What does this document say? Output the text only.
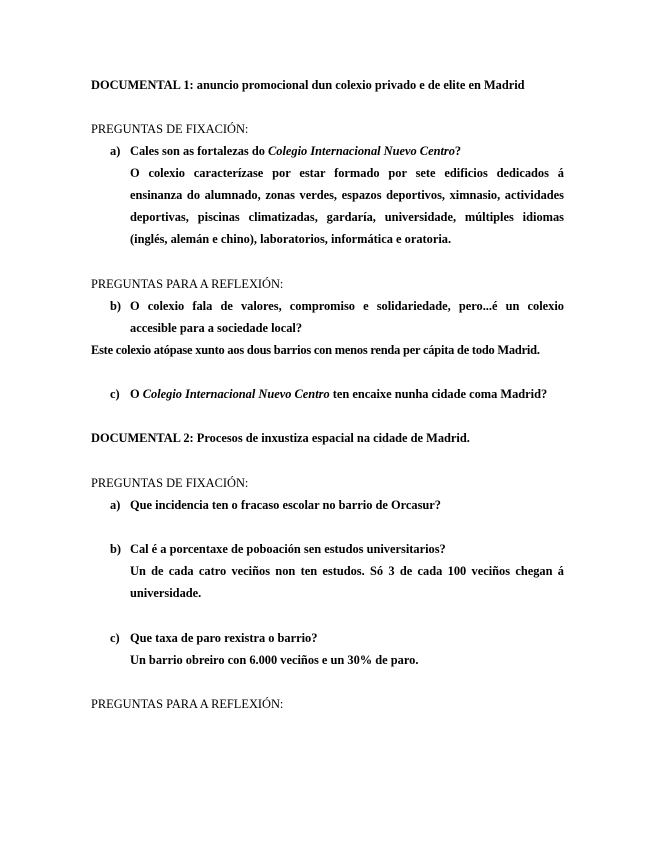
DOCUMENTAL 1: anuncio promocional dun colexio privado e de elite en Madrid
PREGUNTAS DE FIXACIÓN:
a) Cales son as fortalezas do Colegio Internacional Nuevo Centro?
O colexio caracterízase por estar formado por sete edificios dedicados á
ensinanza do alumnado, zonas verdes, espazos deportivos, ximnasio, actividades
deportivas, piscinas climatizadas, gardaría, universidade, múltiples idiomas
(inglés, alemán e chino), laboratorios, informática e oratoria.
PREGUNTAS PARA A REFLEXIÓN:
b) O colexio fala de valores, compromiso e solidariedade, pero...é un colexio
accesible para a sociedade local?
Este colexio atópase xunto aos dous barrios con menos renda per cápita de todo Madrid.
c) O Colegio Internacional Nuevo Centro ten encaixe nunha cidade coma Madrid?
DOCUMENTAL 2: Procesos de inxustiza espacial na cidade de Madrid.
PREGUNTAS DE FIXACIÓN:
a) Que incidencia ten o fracaso escolar no barrio de Orcasur?
b) Cal é a porcentaxe de poboación sen estudos universitarios?
Un de cada catro veciños non ten estudos. Só 3 de cada 100 veciños chegan á
universidade.
c) Que taxa de paro rexistra o barrio?
Un barrio obreiro con 6.000 veciños e un 30% de paro.
PREGUNTAS PARA A REFLEXIÓN:
